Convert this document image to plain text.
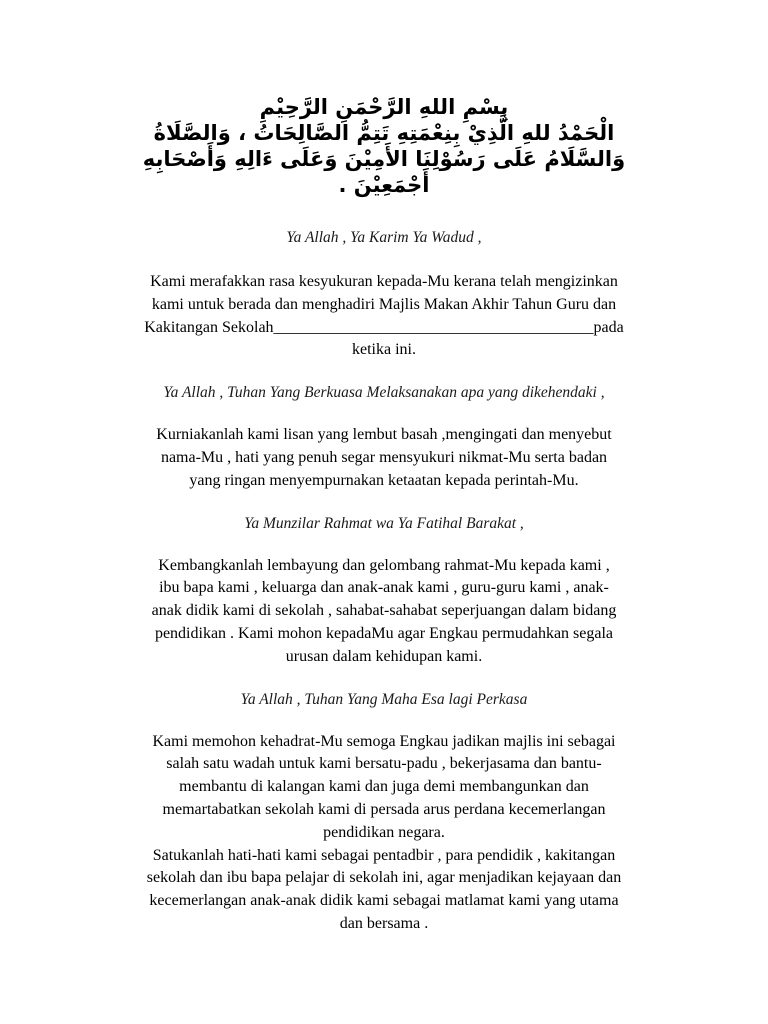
بِسْمِ اللهِ الرَّحْمَنِ الرَّحِيْمِ

الْحَمْدُ للهِ الَّذِيْ بِنِعْمَتِهِ تَتِمُّ الصَّالِحَاتُ ، وَالصَّلَاةُ

وَالسَّلَامُ عَلَى رَسُوْلِنَا الأَمِيْنَ وَعَلَى ءَالِهِ وَأَصْحَابِهِ

أَجْمَعِيْنَ .

Ya Allah , Ya Karim Ya Wadud ,

Kami merafakkan rasa kesyukuran kepada-Mu kerana telah mengizinkan

kami untuk berada dan menghadiri Majlis Makan Akhir Tahun Guru dan

Kakitangan Sekolah________________________________________pada

ketika ini.

Ya Allah , Tuhan Yang Berkuasa Melaksanakan apa yang dikehendaki ,

Kurniakanlah kami lisan yang lembut basah ,mengingati dan menyebut

nama-Mu , hati yang penuh segar mensyukuri nikmat-Mu serta badan

yang ringan menyempurnakan ketaatan kepada perintah-Mu.

Ya Munzilar Rahmat wa Ya Fatihal Barakat ,

Kembangkanlah lembayung dan gelombang rahmat-Mu kepada kami ,

ibu bapa kami , keluarga dan anak-anak kami , guru-guru kami , anak-

anak didik kami di sekolah , sahabat-sahabat seperjuangan dalam bidang

pendidikan . Kami mohon kepadaMu agar Engkau permudahkan segala

urusan dalam kehidupan kami.

Ya Allah , Tuhan Yang Maha Esa lagi Perkasa

Kami memohon kehadrat-Mu semoga Engkau jadikan majlis ini sebagai

salah satu wadah untuk kami bersatu-padu , bekerjasama dan bantu-

membantu di kalangan kami dan juga demi membangunkan dan

memartabatkan sekolah kami di persada arus perdana kecemerlangan

pendidikan negara.

Satukanlah hati-hati kami sebagai pentadbir , para pendidik , kakitangan

sekolah dan ibu bapa pelajar di sekolah ini, agar menjadikan kejayaan dan

kecemerlangan anak-anak didik kami sebagai matlamat kami yang utama

dan bersama .
